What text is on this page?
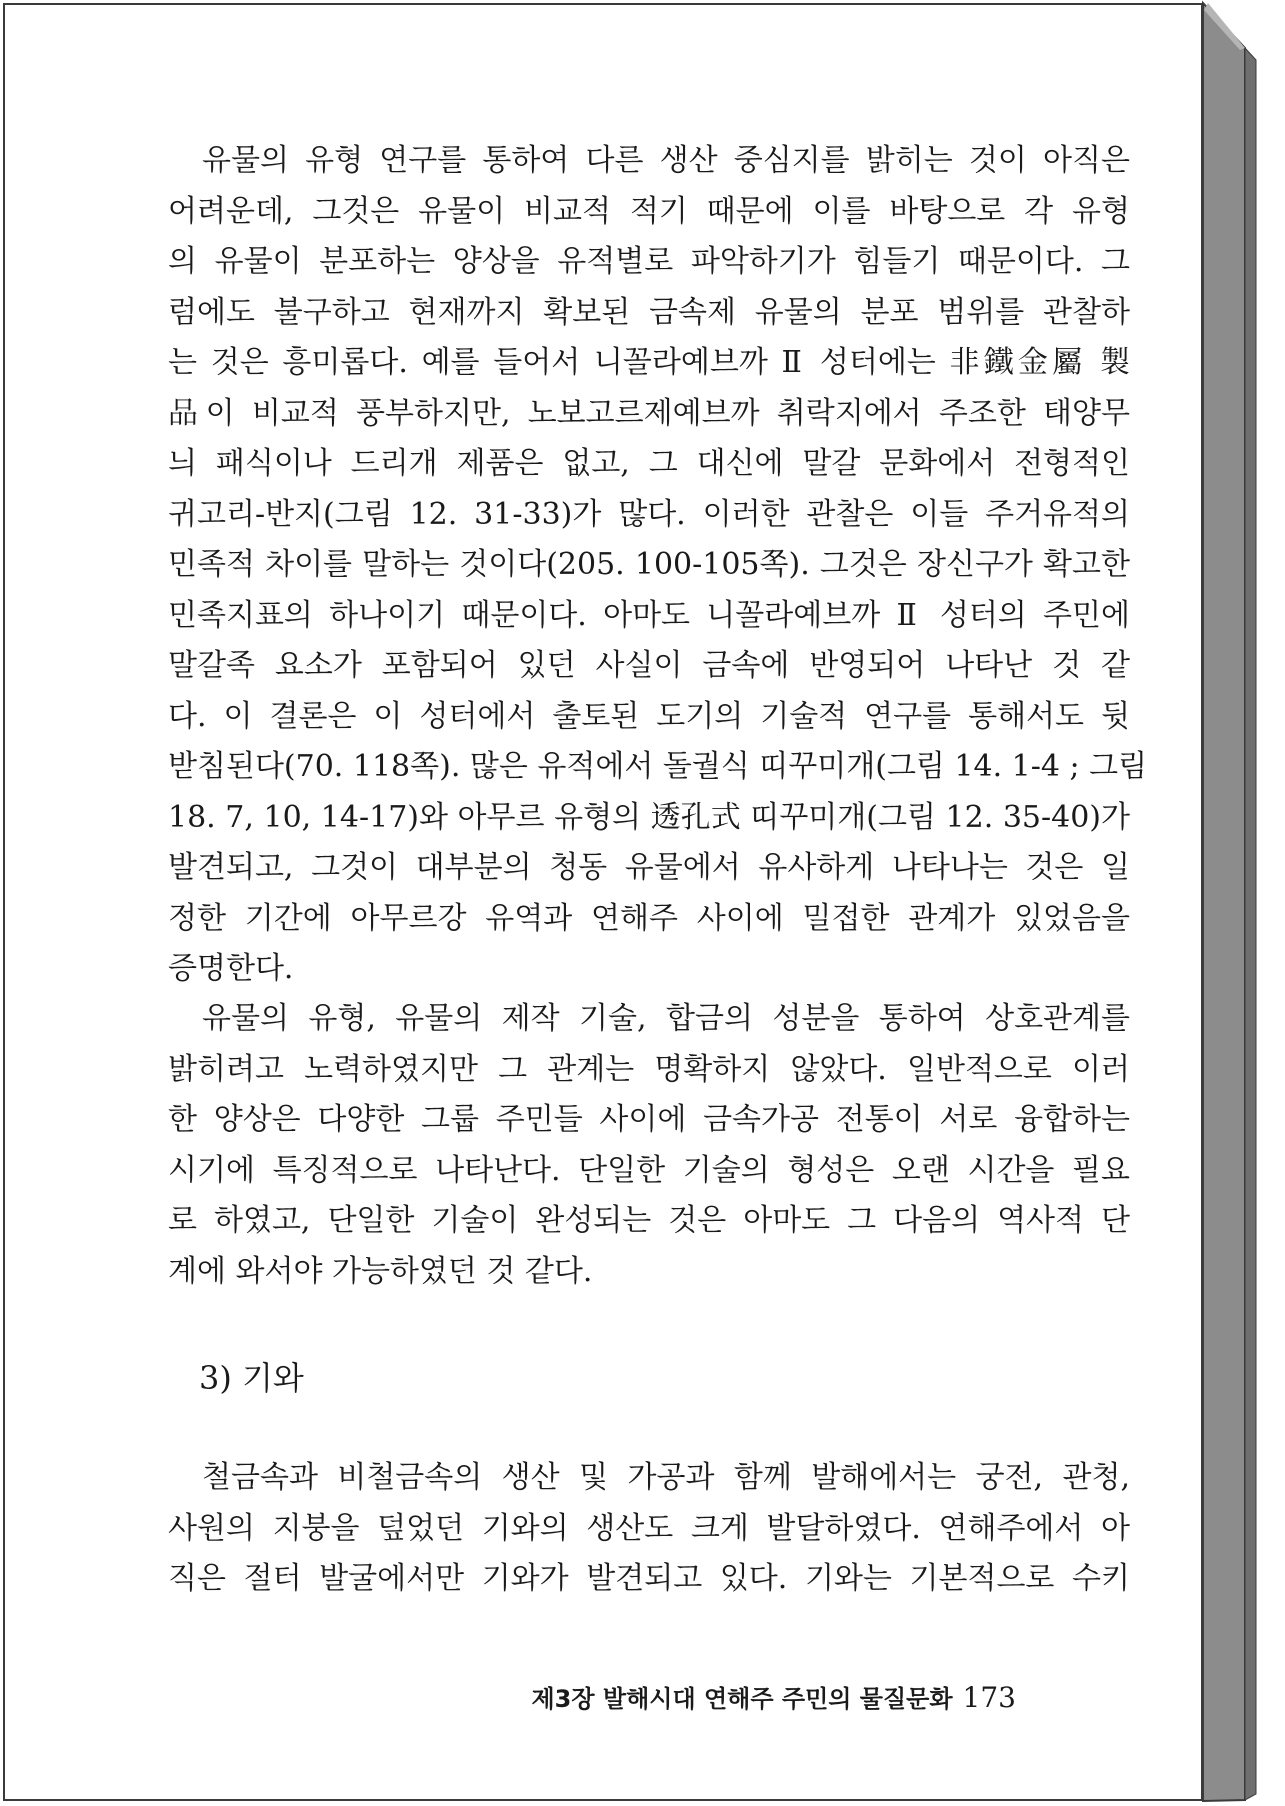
유물의 유형 연구를 통하여 다른 생산 중심지를 밝히는 것이 아직은
어려운데, 그것은 유물이 비교적 적기 때문에 이를 바탕으로 각 유형
의 유물이 분포하는 양상을 유적별로 파악하기가 힘들기 때문이다. 그
럼에도 불구하고 현재까지 확보된 금속제 유물의 분포 범위를 관찰하
는 것은 흥미롭다. 예를 들어서 니꼴라예브까 Ⅱ 성터에는 非鐵金屬 製
品이 비교적 풍부하지만, 노보고르제예브까 취락지에서 주조한 태양무
늬 패식이나 드리개 제품은 없고, 그 대신에 말갈 문화에서 전형적인
귀고리-반지(그림 12. 31-33)가 많다. 이러한 관찰은 이들 주거유적의
민족적 차이를 말하는 것이다(205. 100-105쪽). 그것은 장신구가 확고한
민족지표의 하나이기 때문이다. 아마도 니꼴라예브까 Ⅱ 성터의 주민에
말갈족 요소가 포함되어 있던 사실이 금속에 반영되어 나타난 것 같
다. 이 결론은 이 성터에서 출토된 도기의 기술적 연구를 통해서도 뒷
받침된다(70. 118쪽). 많은 유적에서 돌궐식 띠꾸미개(그림 14. 1-4 ; 그림
18. 7, 10, 14-17)와 아무르 유형의 透孔式 띠꾸미개(그림 12. 35-40)가
발견되고, 그것이 대부분의 청동 유물에서 유사하게 나타나는 것은 일
정한 기간에 아무르강 유역과 연해주 사이에 밀접한 관계가 있었음을
증명한다.
유물의 유형, 유물의 제작 기술, 합금의 성분을 통하여 상호관계를
밝히려고 노력하였지만 그 관계는 명확하지 않았다. 일반적으로 이러
한 양상은 다양한 그룹 주민들 사이에 금속가공 전통이 서로 융합하는
시기에 특징적으로 나타난다. 단일한 기술의 형성은 오랜 시간을 필요
로 하였고, 단일한 기술이 완성되는 것은 아마도 그 다음의 역사적 단
계에 와서야 가능하였던 것 같다.
3) 기와
철금속과 비철금속의 생산 및 가공과 함께 발해에서는 궁전, 관청,
사원의 지붕을 덮었던 기와의 생산도 크게 발달하였다. 연해주에서 아
직은 절터 발굴에서만 기와가 발견되고 있다. 기와는 기본적으로 수키
제3장 발해시대 연해주 주민의 물질문화 173
